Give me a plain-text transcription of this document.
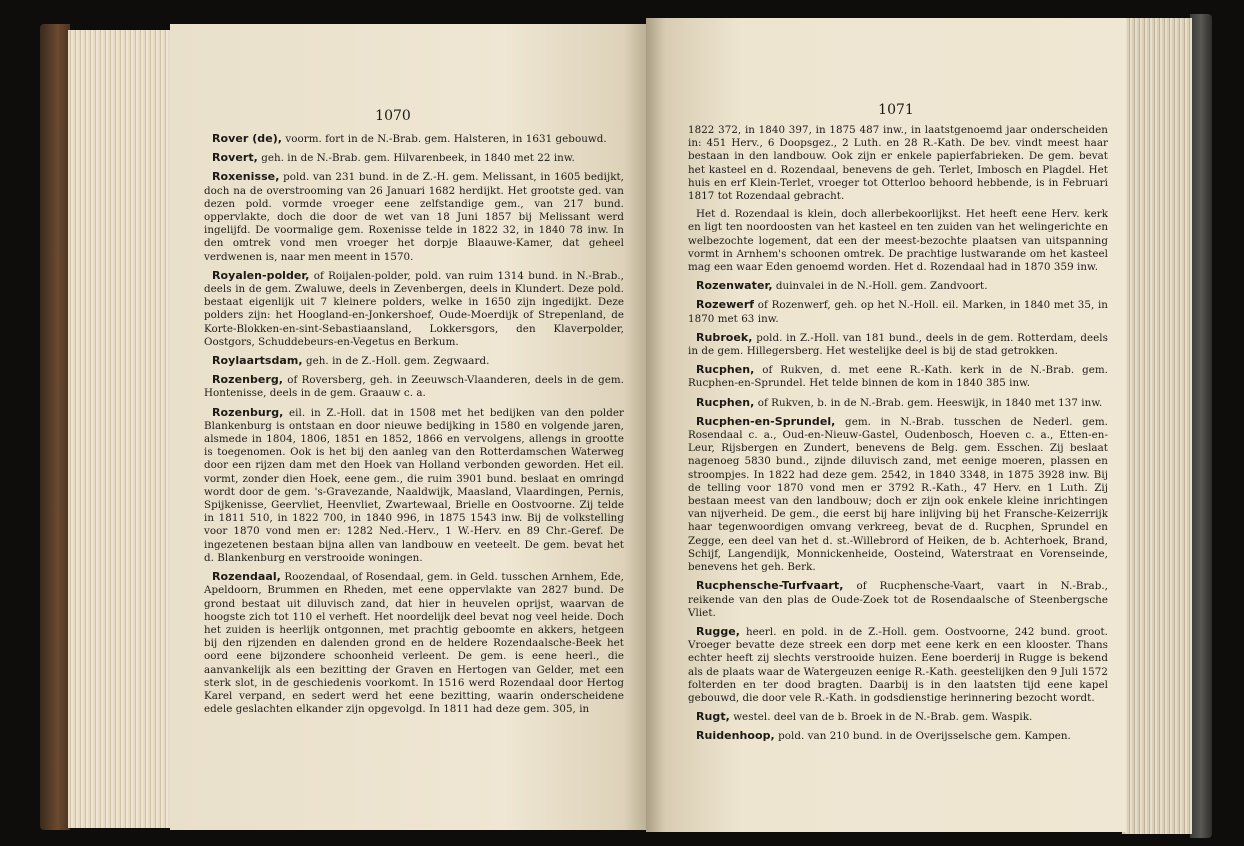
1070

Rover (de), voorm. fort in de N.-Brab. gem. Halsteren, in 1631 gebouwd.

Rovert, geh. in de N.-Brab. gem. Hilvarenbeek, in 1840 met 22 inw.

Roxenisse, pold. van 231 bund. in de Z.-H. gem. Melissant, in 1605 bedijkt, doch na de overstrooming van 26 Januari 1682 herdijkt. Het grootste ged. van dezen pold. vormde vroeger eene zelfstandige gem., van 217 bund. oppervlakte, doch die door de wet van 18 Juni 1857 bij Melissant werd ingelijfd. De voormalige gem. Roxenisse telde in 1822 32, in 1840 78 inw. In den omtrek vond men vroeger het dorpje Blaauwe-Kamer, dat geheel verdwenen is, naar men meent in 1570.

Royalen-polder, of Roijalen-polder, pold. van ruim 1314 bund. in N.-Brab., deels in de gem. Zwaluwe, deels in Zevenbergen, deels in Klundert. Deze pold. bestaat eigenlijk uit 7 kleinere polders, welke in 1650 zijn ingedijkt. Deze polders zijn: het Hoogland-en-Jonkershoef, Oude-Moerdijk of Strepenland, de Korte-Blokken-en-sint-Sebastiaansland, Lokkersgors, den Klaverpolder, Oostgors, Schuddebeurs-en-Vegetus en Berkum.

Roylaartsdam, geh. in de Z.-Holl. gem. Zegwaard.

Rozenberg, of Roversberg, geh. in Zeeuwsch-Vlaanderen, deels in de gem. Hontenisse, deels in de gem. Graauw c. a.

Rozenburg, eil. in Z.-Holl. dat in 1508 met het bedijken van den polder Blankenburg is ontstaan en door nieuwe bedijking in 1580 en volgende jaren, alsmede in 1804, 1806, 1851 en 1852, 1866 en vervolgens, allengs in grootte is toegenomen. Ook is het bij den aanleg van den Rotterdamschen Waterweg door een rijzen dam met den Hoek van Holland verbonden geworden. Het eil. vormt, zonder dien Hoek, eene gem., die ruim 3901 bund. beslaat en omringd wordt door de gem. 's-Gravezande, Naaldwijk, Maasland, Vlaardingen, Pernis, Spijkenisse, Geervliet, Heenvliet, Zwartewaal, Brielle en Oostvoorne. Zij telde in 1811 510, in 1822 700, in 1840 996, in 1875 1543 inw. Bij de volkstelling voor 1870 vond men er: 1282 Ned.-Herv., 1 W.-Herv. en 89 Chr.-Geref. De ingezetenen bestaan bijna allen van landbouw en veeteelt. De gem. bevat het d. Blankenburg en verstrooide woningen.

Rozendaal, Roozendaal, of Rosendaal, gem. in Geld. tusschen Arnhem, Ede, Apeldoorn, Brummen en Rheden, met eene oppervlakte van 2827 bund. De grond bestaat uit diluvisch zand, dat hier in heuvelen oprijst, waarvan de hoogste zich tot 110 el verheft. Het noordelijk deel bevat nog veel heide. Doch het zuiden is heerlijk ontgonnen, met prachtig geboomte en akkers, hetgeen bij den rijzenden en dalenden grond en de heldere Rozendaalsche-Beek het oord eene bijzondere schoonheid verleent. De gem. is eene heerl., die aanvankelijk als een bezitting der Graven en Hertogen van Gelder, met een sterk slot, in de geschiedenis voorkomt. In 1516 werd Rozendaal door Hertog Karel verpand, en sedert werd het eene bezitting, waarin onderscheidene edele geslachten elkander zijn opgevolgd. In 1811 had deze gem. 305, in

1071

1822 372, in 1840 397, in 1875 487 inw., in laatstgenoemd jaar onderscheiden in: 451 Herv., 6 Doopsgez., 2 Luth. en 28 R.-Kath. De bev. vindt meest haar bestaan in den landbouw. Ook zijn er enkele papierfabrieken. De gem. bevat het kasteel en d. Rozendaal, benevens de geh. Terlet, Imbosch en Plagdel. Het huis en erf Klein-Terlet, vroeger tot Otterloo behoord hebbende, is in Februari 1817 tot Rozendaal gebracht.

Het d. Rozendaal is klein, doch allerbekoorlijkst. Het heeft eene Herv. kerk en ligt ten noordoosten van het kasteel en ten zuiden van het welingerichte en welbezochte logement, dat een der meest-bezochte plaatsen van uitspanning vormt in Arnhem's schoonen omtrek. De prachtige lustwarande om het kasteel mag een waar Eden genoemd worden. Het d. Rozendaal had in 1870 359 inw.

Rozenwater, duinvalei in de N.-Holl. gem. Zandvoort.

Rozewerf of Rozenwerf, geh. op het N.-Holl. eil. Marken, in 1840 met 35, in 1870 met 63 inw.

Rubroek, pold. in Z.-Holl. van 181 bund., deels in de gem. Rotterdam, deels in de gem. Hillegersberg. Het westelijke deel is bij de stad getrokken.

Rucphen, of Rukven, d. met eene R.-Kath. kerk in de N.-Brab. gem. Rucphen-en-Sprundel. Het telde binnen de kom in 1840 385 inw.

Rucphen, of Rukven, b. in de N.-Brab. gem. Heeswijk, in 1840 met 137 inw.

Rucphen-en-Sprundel, gem. in N.-Brab. tusschen de Nederl. gem. Rosendaal c. a., Oud-en-Nieuw-Gastel, Oudenbosch, Hoeven c. a., Etten-en-Leur, Rijsbergen en Zundert, benevens de Belg. gem. Esschen. Zij beslaat nagenoeg 5830 bund., zijnde diluvisch zand, met eenige moeren, plassen en stroompjes. In 1822 had deze gem. 2542, in 1840 3348, in 1875 3928 inw. Bij de telling voor 1870 vond men er 3792 R.-Kath., 47 Herv. en 1 Luth. Zij bestaan meest van den landbouw; doch er zijn ook enkele kleine inrichtingen van nijverheid. De gem., die eerst bij hare inlijving bij het Fransche-Keizerrijk haar tegenwoordigen omvang verkreeg, bevat de d. Rucphen, Sprundel en Zegge, een deel van het d. st.-Willebrord of Heiken, de b. Achterhoek, Brand, Schijf, Langendijk, Monnickenheide, Oosteind, Waterstraat en Vorenseinde, benevens het geh. Berk.

Rucphensche-Turfvaart, of Rucphensche-Vaart, vaart in N.-Brab., reikende van den plas de Oude-Zoek tot de Rosendaalsche of Steenbergsche Vliet.

Rugge, heerl. en pold. in de Z.-Holl. gem. Oostvoorne, 242 bund. groot. Vroeger bevatte deze streek een dorp met eene kerk en een klooster. Thans echter heeft zij slechts verstrooide huizen. Eene boerderij in Rugge is bekend als de plaats waar de Watergeuzen eenige R.-Kath. geestelijken den 9 Juli 1572 folterden en ter dood bragten. Daarbij is in den laatsten tijd eene kapel gebouwd, die door vele R.-Kath. in godsdienstige herinnering bezocht wordt.

Rugt, westel. deel van de b. Broek in de N.-Brab. gem. Waspik.

Ruidenhoop, pold. van 210 bund. in de Overijsselsche gem. Kampen.
